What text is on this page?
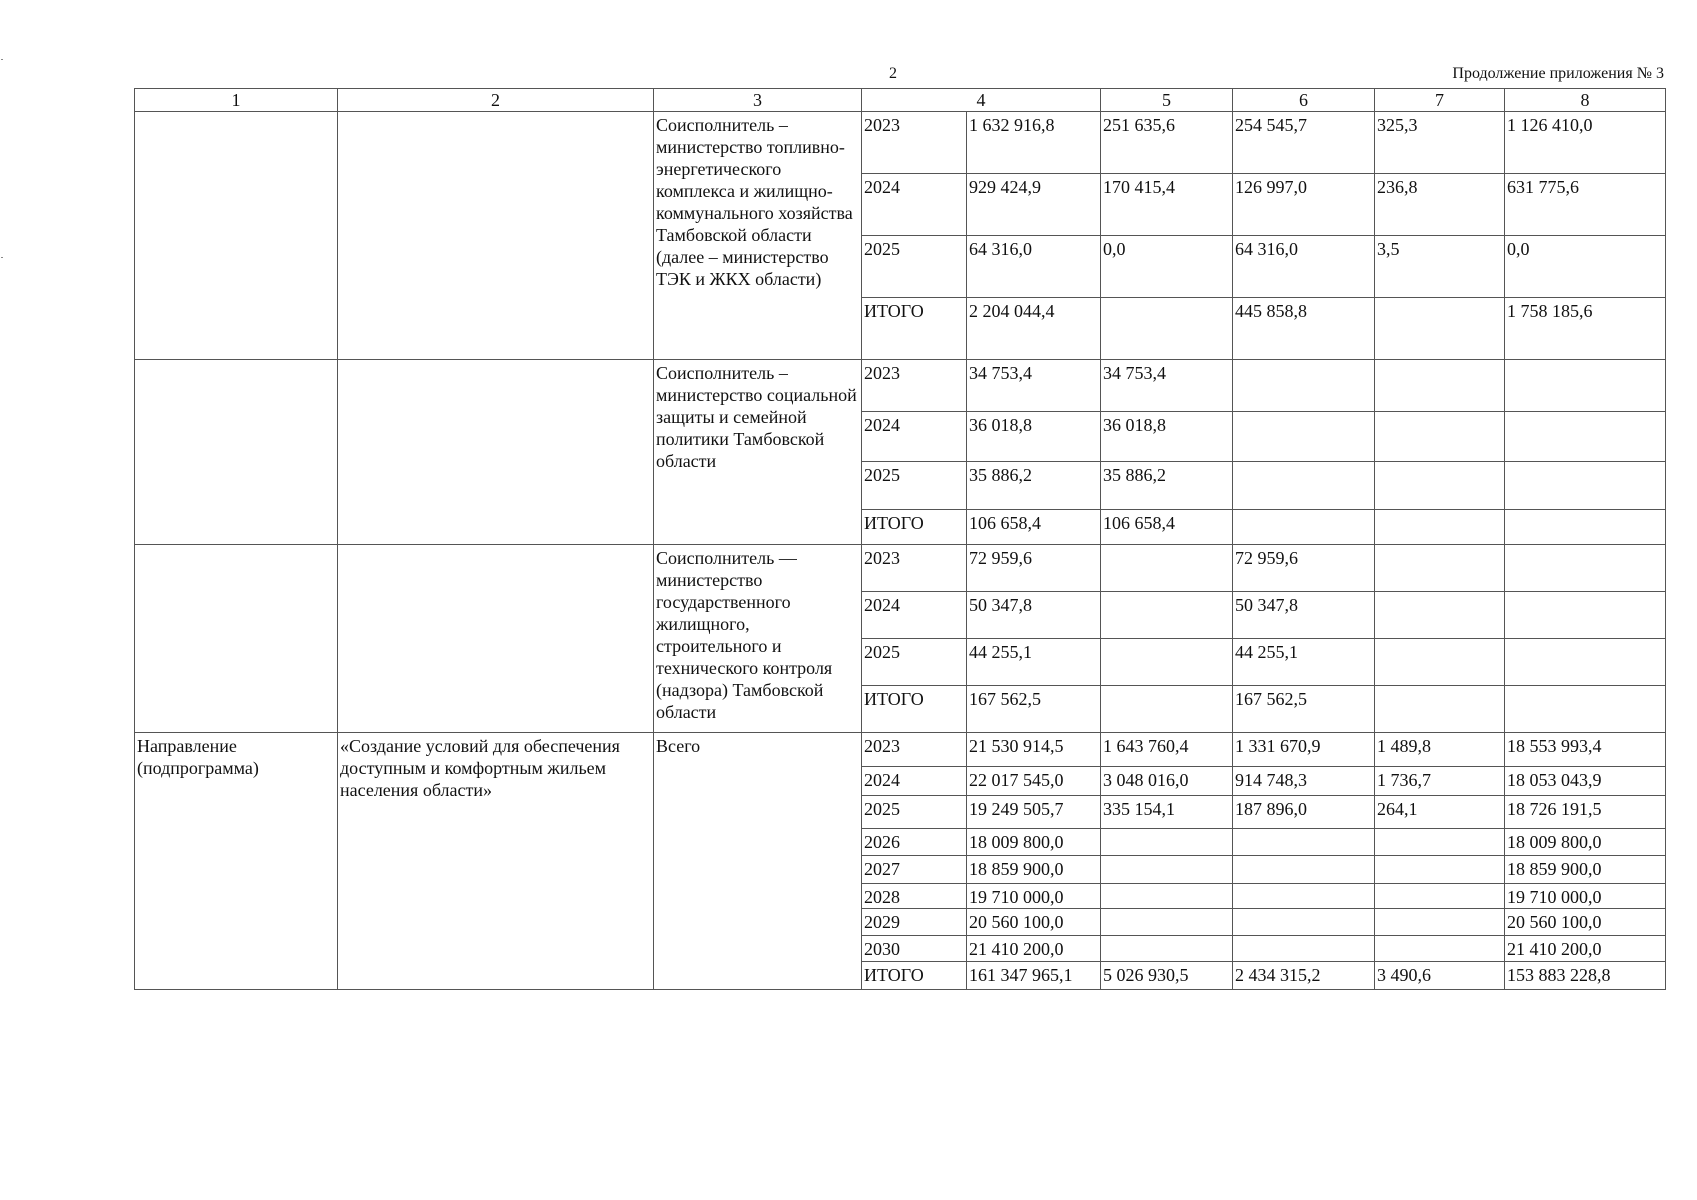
2	Продолжение приложения № 3
1	2	3	4		5	6	7	8
		Соисполнитель – министерство топливно-энергетического комплекса и жилищно-коммунального хозяйства Тамбовской области (далее – министерство ТЭК и ЖКХ области)	2023	1 632 916,8	251 635,6	254 545,7	325,3	1 126 410,0
			2024	929 424,9	170 415,4	126 997,0	236,8	631 775,6
			2025	64 316,0	0,0	64 316,0	3,5	0,0
			ИТОГО	2 204 044,4		445 858,8		1 758 185,6
		Соисполнитель – министерство социальной защиты и семейной политики Тамбовской области	2023	34 753,4	34 753,4			
			2024	36 018,8	36 018,8			
			2025	35 886,2	35 886,2			
			ИТОГО	106 658,4	106 658,4			
		Соисполнитель — министерство государственного жилищного, строительного и технического контроля (надзора) Тамбовской области	2023	72 959,6		72 959,6		
			2024	50 347,8		50 347,8		
			2025	44 255,1		44 255,1		
			ИТОГО	167 562,5		167 562,5		
Направление (подпрограмма)	«Создание условий для обеспечения доступным и комфортным жильем населения области»	Всего	2023	21 530 914,5	1 643 760,4	1 331 670,9	1 489,8	18 553 993,4
			2024	22 017 545,0	3 048 016,0	914 748,3	1 736,7	18 053 043,9
			2025	19 249 505,7	335 154,1	187 896,0	264,1	18 726 191,5
			2026	18 009 800,0				18 009 800,0
			2027	18 859 900,0				18 859 900,0
			2028	19 710 000,0				19 710 000,0
			2029	20 560 100,0				20 560 100,0
			2030	21 410 200,0				21 410 200,0
			ИТОГО	161 347 965,1	5 026 930,5	2 434 315,2	3 490,6	153 883 228,8
